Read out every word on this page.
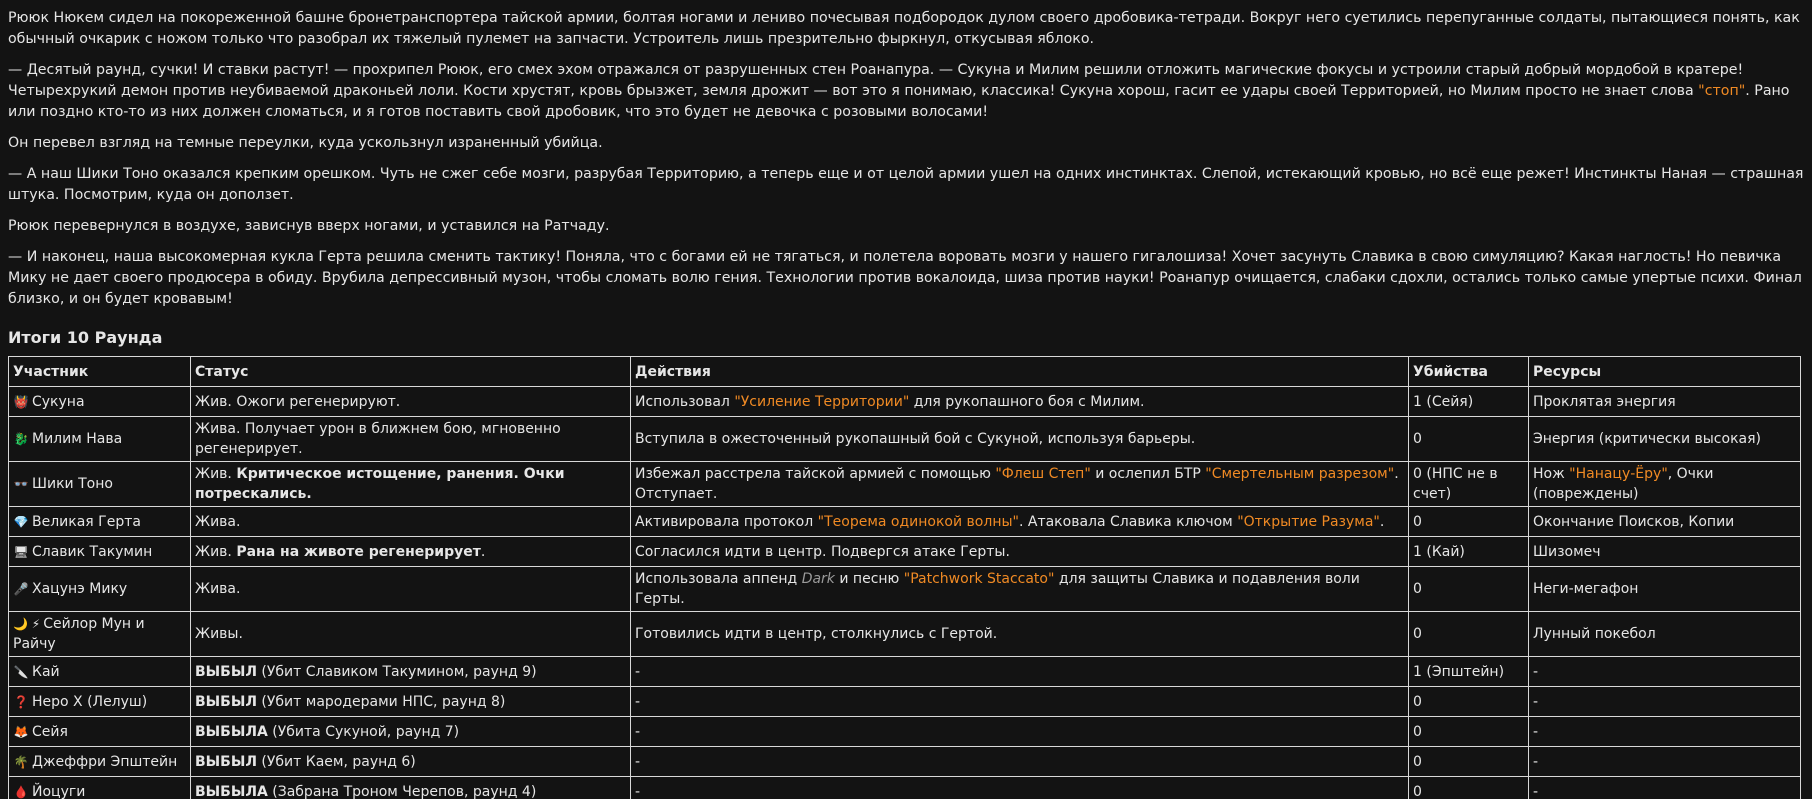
Рююк Нюкем сидел на покореженной башне бронетранспортера тайской армии, болтая ногами и лениво почесывая подбородок дулом своего дробовика-тетради. Вокруг него суетились перепуганные солдаты, пытающиеся понять, как обычный очкарик с ножом только что разобрал их тяжелый пулемет на запчасти. Устроитель лишь презрительно фыркнул, откусывая яблоко.

— Десятый раунд, сучки! И ставки растут! — прохрипел Рююк, его смех эхом отражался от разрушенных стен Роанапура. — Сукуна и Милим решили отложить магические фокусы и устроили старый добрый мордобой в кратере! Четырехрукий демон против неубиваемой драконьей лоли. Кости хрустят, кровь брызжет, земля дрожит — вот это я понимаю, классика! Сукуна хорош, гасит ее удары своей Территорией, но Милим просто не знает слова "стоп". Рано или поздно кто-то из них должен сломаться, и я готов поставить свой дробовик, что это будет не девочка с розовыми волосами!

Он перевел взгляд на темные переулки, куда ускользнул израненный убийца.

— А наш Шики Тоно оказался крепким орешком. Чуть не сжег себе мозги, разрубая Территорию, а теперь еще и от целой армии ушел на одних инстинктах. Слепой, истекающий кровью, но всё еще режет! Инстинкты Наная — страшная штука. Посмотрим, куда он доползет.

Рююк перевернулся в воздухе, зависнув вверх ногами, и уставился на Ратчаду.

— И наконец, наша высокомерная кукла Герта решила сменить тактику! Поняла, что с богами ей не тягаться, и полетела воровать мозги у нашего гигалошиза! Хочет засунуть Славика в свою симуляцию? Какая наглость! Но певичка Мику не дает своего продюсера в обиду. Врубила депрессивный музон, чтобы сломать волю гения. Технологии против вокалоида, шиза против науки! Роанапур очищается, слабаки сдохли, остались только самые упертые психи. Финал близко, и он будет кровавым!

Итоги 10 Раунда
Участник	Статус	Действия	Убийства	Ресурсы
👹 Сукуна	Жив. Ожоги регенерируют.	Использовал "Усиление Территории" для рукопашного боя с Милим.	1 (Сейя)	Проклятая энергия
🐉 Милим Нава	Жива. Получает урон в ближнем бою, мгновенно регенерирует.	Вступила в ожесточенный рукопашный бой с Сукуной, используя барьеры.	0	Энергия (критически высокая)
👓 Шики Тоно	Жив. Критическое истощение, ранения. Очки потрескались.	Избежал расстрела тайской армией с помощью "Флеш Степ" и ослепил БТР "Смертельным разрезом". Отступает.	0 (НПС не в счет)	Нож "Нанацу-Ёру", Очки (повреждены)
💎 Великая Герта	Жива.	Активировала протокол "Теорема одинокой волны". Атаковала Славика ключом "Открытие Разума".	0	Окончание Поисков, Копии
🖥 Славик Такумин	Жив. Рана на животе регенерирует.	Согласился идти в центр. Подвергся атаке Герты.	1 (Кай)	Шизомеч
🎤 Хацунэ Мику	Жива.	Использовала аппенд Dark и песню "Patchwork Staccato" для защиты Славика и подавления воли Герты.	0	Неги-мегафон
🌙 ⚡ Сейлор Мун и Райчу	Живы.	Готовились идти в центр, столкнулись с Гертой.	0	Лунный покебол
🔪 Кай	ВЫБЫЛ (Убит Славиком Такумином, раунд 9)	-	1 (Эпштейн)	-
❓ Неро Х (Лелуш)	ВЫБЫЛ (Убит мародерами НПС, раунд 8)	-	0	-
🦊 Сейя	ВЫБЫЛА (Убита Сукуной, раунд 7)	-	0	-
🌴 Джеффри Эпштейн	ВЫБЫЛ (Убит Каем, раунд 6)	-	0	-
🩸 Йоцуги	ВЫБЫЛА (Забрана Троном Черепов, раунд 4)	-	0	-
